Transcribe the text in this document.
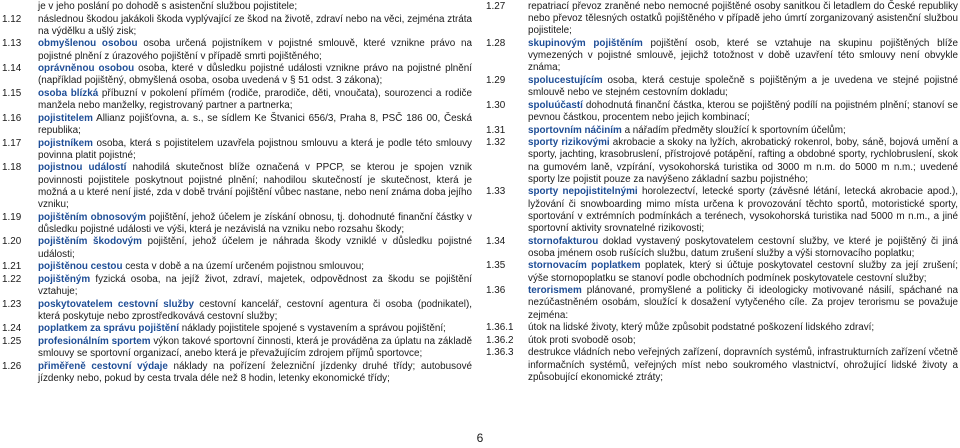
je v jeho poslání po dohodě s asistenční službou pojistitele;
1.12	následnou škodou jakákoli škoda vyplývající ze škod na životě, zdraví nebo na věci, zejména ztráta na výdělku a ušlý zisk;
1.13	obmyšlenou osobou osoba určená pojistníkem v pojistné smlouvě, které vznikne právo na pojistné plnění z úrazového pojištění v případě smrti pojištěného;
1.14	oprávněnou osobou osoba, které v důsledku pojistné události vznikne právo na pojistné plnění (například pojištěný, obmyšlená osoba, osoba uvedená v § 51 odst. 3 zákona);
1.15	osoba blízká příbuzní v pokolení přímém (rodiče, prarodiče, děti, vnoučata), sourozenci a rodiče manžela nebo manželky, registrovaný partner a partnerka;
1.16	pojistitelem Allianz pojišťovna, a. s., se sídlem Ke Štvanici 656/3, Praha 8, PSČ 186 00, Česká republika;
1.17	pojistníkem osoba, která s pojistitelem uzavřela pojistnou smlouvu a která je podle této smlouvy povinna platit pojistné;
1.18	pojistnou událostí nahodilá skutečnost blíže označená v PPCP, se kterou je spojen vznik povinnosti pojistitele poskytnout pojistné plnění; nahodilou skutečností je skutečnost, která je možná a u které není jisté, zda v době trvání pojištění vůbec nastane, nebo není známa doba jejího vzniku;
1.19	pojištěním obnosovým pojištění, jehož účelem je získání obnosu, tj. dohodnuté finanční částky v důsledku pojistné události ve výši, která je nezávislá na vzniku nebo rozsahu škody;
1.20	pojištěním škodovým pojištění, jehož účelem je náhrada škody vzniklé v důsledku pojistné události;
1.21	pojištěnou cestou cesta v době a na území určeném pojistnou smlouvou;
1.22	pojištěným fyzická osoba, na jejíž život, zdraví, majetek, odpovědnost za škodu se pojištění vztahuje;
1.23	poskytovatelem cestovní služby cestovní kancelář, cestovní agentura či osoba (podnikatel), která poskytuje nebo zprostředkovává cestovní služby;
1.24	poplatkem za správu pojištění náklady pojistitele spojené s vystavením a správou pojištění;
1.25	profesionálním sportem výkon takové sportovní činnosti, která je prováděna za úplatu na základě smlouvy se sportovní organizací, anebo která je převažujícím zdrojem příjmů sportovce;
1.26	přiměřeně cestovní výdaje náklady na pořízení železniční jízdenky druhé třídy; autobusové jízdenky nebo, pokud by cesta trvala déle než 8 hodin, letenky ekonomické třídy;
1.27	repatriací převoz zraněné nebo nemocné pojištěné osoby sanitkou či letadlem do České republiky nebo převoz tělesných ostatků pojištěného v případě jeho úmrtí zorganizovaný asistenční službou pojistitele;
1.28	skupinovým pojištěním pojištění osob, které se vztahuje na skupinu pojištěných blíže vymezených v pojistné smlouvě, jejichž totožnost v době uzavření této smlouvy není obvykle známa;
1.29	spolucestujícím osoba, která cestuje společně s pojištěným a je uvedena ve stejné pojistné smlouvě nebo ve stejném cestovním dokladu;
1.30	spoluúčastí dohodnutá finanční částka, kterou se pojištěný podílí na pojistném plnění; stanoví se pevnou částkou, procentem nebo jejich kombinací;
1.31	sportovním náčiním a nářadím předměty sloužící k sportovním účelům;
1.32	sporty rizikovými akrobacie a skoky na lyžích, akrobatický rokenrol, boby, sáně, bojová umění a sporty, jachting, krasobruslení, přístrojové potápění, rafting a obdobné sporty, rychlobruslení, skok na gumovém laně, vzpírání, vysokohorská turistika od 3000 m n.m. do 5000 m n.m.; uvedené sporty lze pojistit pouze za navýšeno základní sazbu pojistného;
1.33	sporty nepojistitelnými horolezectví, letecké sporty (závěsné létání, letecká akrobacie apod.), lyžování či snowboarding mimo místa určena k provozování těchto sportů, motoristické sporty, sportování v extrémních podmínkách a terénech, vysokohorská turistika nad 5000 m n.m., a jiné sportovní aktivity srovnatelné rizikovosti;
1.34	stornofakturou doklad vystavený poskytovatelem cestovní služby, ve které je pojištěný či jiná osoba jménem osob rušících službu, datum zrušení služby a výši stornovacího poplatku;
1.35	stornovacím poplatkem poplatek, který si účtuje poskytovatel cestovní služby za její zrušení; výše stornopoplatku se stanoví podle obchodních podmínek poskytovatele cestovní služby;
1.36	terorismem plánované, promyšlené a politicky či ideologicky motivované násilí, spáchané na nezúčastněném osobám, sloužící k dosažení vytyčeného cíle. Za projev terorismu se považuje zejména:
1.36.1	útok na lidské životy, který může způsobit podstatné poškození lidského zdraví;
1.36.2	útok proti svobodě osob;
1.36.3	destrukce vládních nebo veřejných zařízení, dopravních systémů, infrastrukturních zařízení včetně informačních systémů, veřejných míst nebo soukromého vlastnictví, ohrožující lidské životy a způsobující ekonomické ztráty;
6
